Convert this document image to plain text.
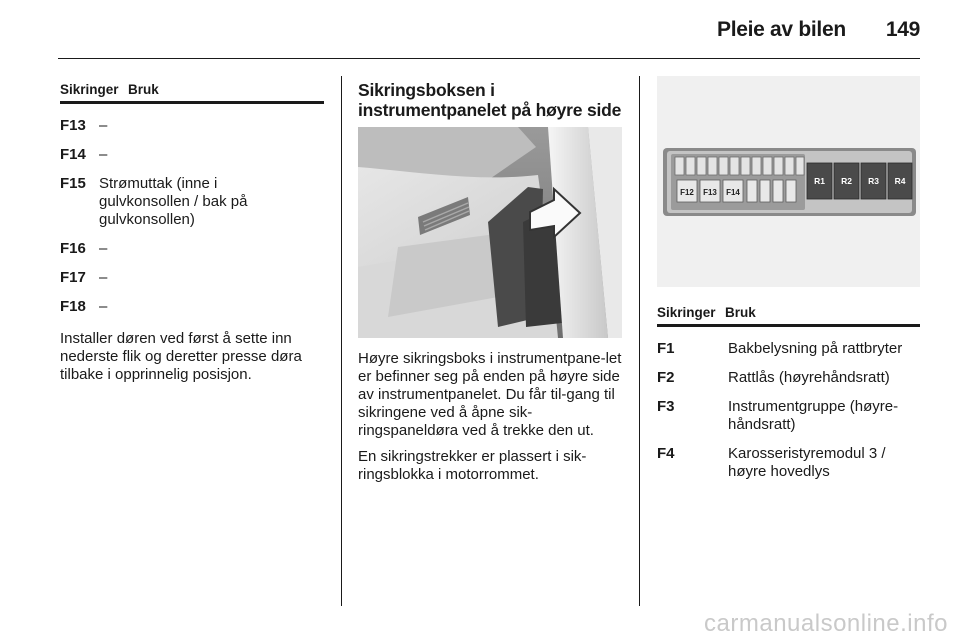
Pleie av bilen 149
Sikringer Bruk
F13 –
F14 –
F15 Strømuttak (inne i gulvkonsollen / bak på gulvkonsollen)
F16 –
F17 –
F18 –
Installer døren ved først å sette inn nederste flik og deretter presse døra tilbake i opprinnelig posisjon.
Sikringsboksen i
instrumentpanelet på høyre side
Høyre sikringsboks i instrumentpane-let er befinner seg på enden på høyre side av instrumentpanelet. Du får til-gang til sikringene ved å åpne sik-ringspaneldøra ved å trekke den ut.
En sikringstrekker er plassert i sik-ringsblokka i motorrommet.
F12 F13 F14
R1 R2 R3 R4
Sikringer Bruk
F1	Bakbelysning på rattbryter
F2	Rattlås (høyrehåndsratt)
F3	Instrumentgruppe (høyre-håndsratt)
F4	Karosseristyremodul 3 / høyre hovedlys
carmanualsonline.info
